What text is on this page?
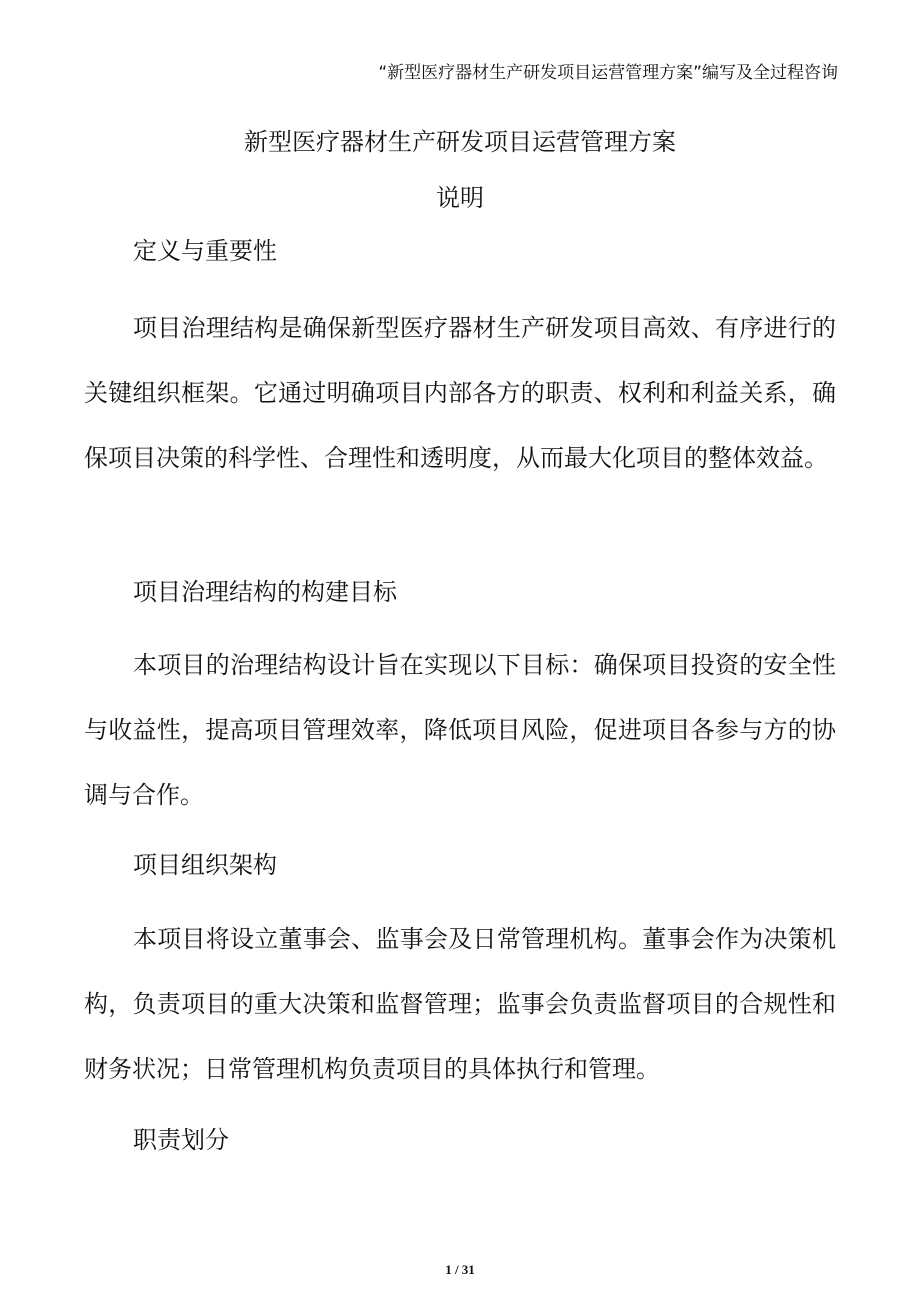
“新型医疗器材生产研发项目运营管理方案”编写及全过程咨询
新型医疗器材生产研发项目运营管理方案
说明
定义与重要性
项目治理结构是确保新型医疗器材生产研发项目高效、有序进行的关键组织框架。它通过明确项目内部各方的职责、权利和利益关系，确保项目决策的科学性、合理性和透明度，从而最大化项目的整体效益。
项目治理结构的构建目标
本项目的治理结构设计旨在实现以下目标：确保项目投资的安全性与收益性，提高项目管理效率，降低项目风险，促进项目各参与方的协调与合作。
项目组织架构
本项目将设立董事会、监事会及日常管理机构。董事会作为决策机构，负责项目的重大决策和监督管理；监事会负责监督项目的合规性和财务状况；日常管理机构负责项目的具体执行和管理。
职责划分
1 / 31
